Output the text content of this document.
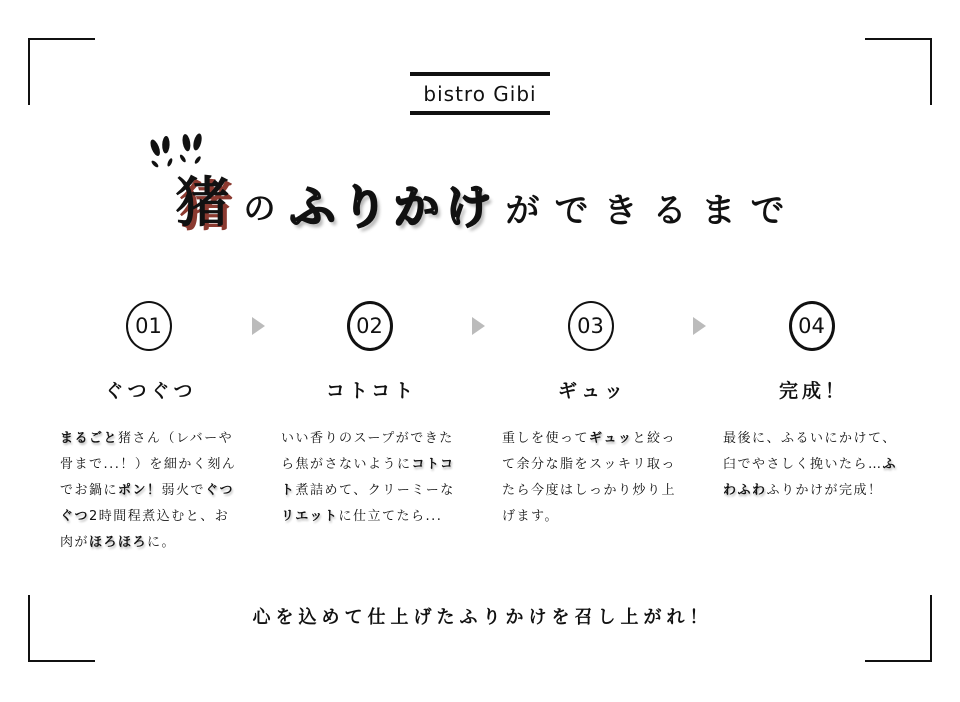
bistro Gibi
猪 の ふりかけ ができるまで
01
ぐつぐつ
まるごと猪さん（レバーや骨まで...！）を細かく刻んでお鍋にポン！弱火でぐつぐつ2時間程煮込むと、お肉がほろほろに。
02
コトコト
いい香りのスープができたら焦がさないようにコトコト煮詰めて、クリーミーなリエットに仕立てたら...
03
ギュッ
重しを使ってギュッと絞って余分な脂をスッキリ取ったら今度はしっかり炒り上げます。
04
完成！
最後に、ふるいにかけて、臼でやさしく挽いたら…ふわふわふりかけが完成！
心を込めて仕上げたふりかけを召し上がれ！
